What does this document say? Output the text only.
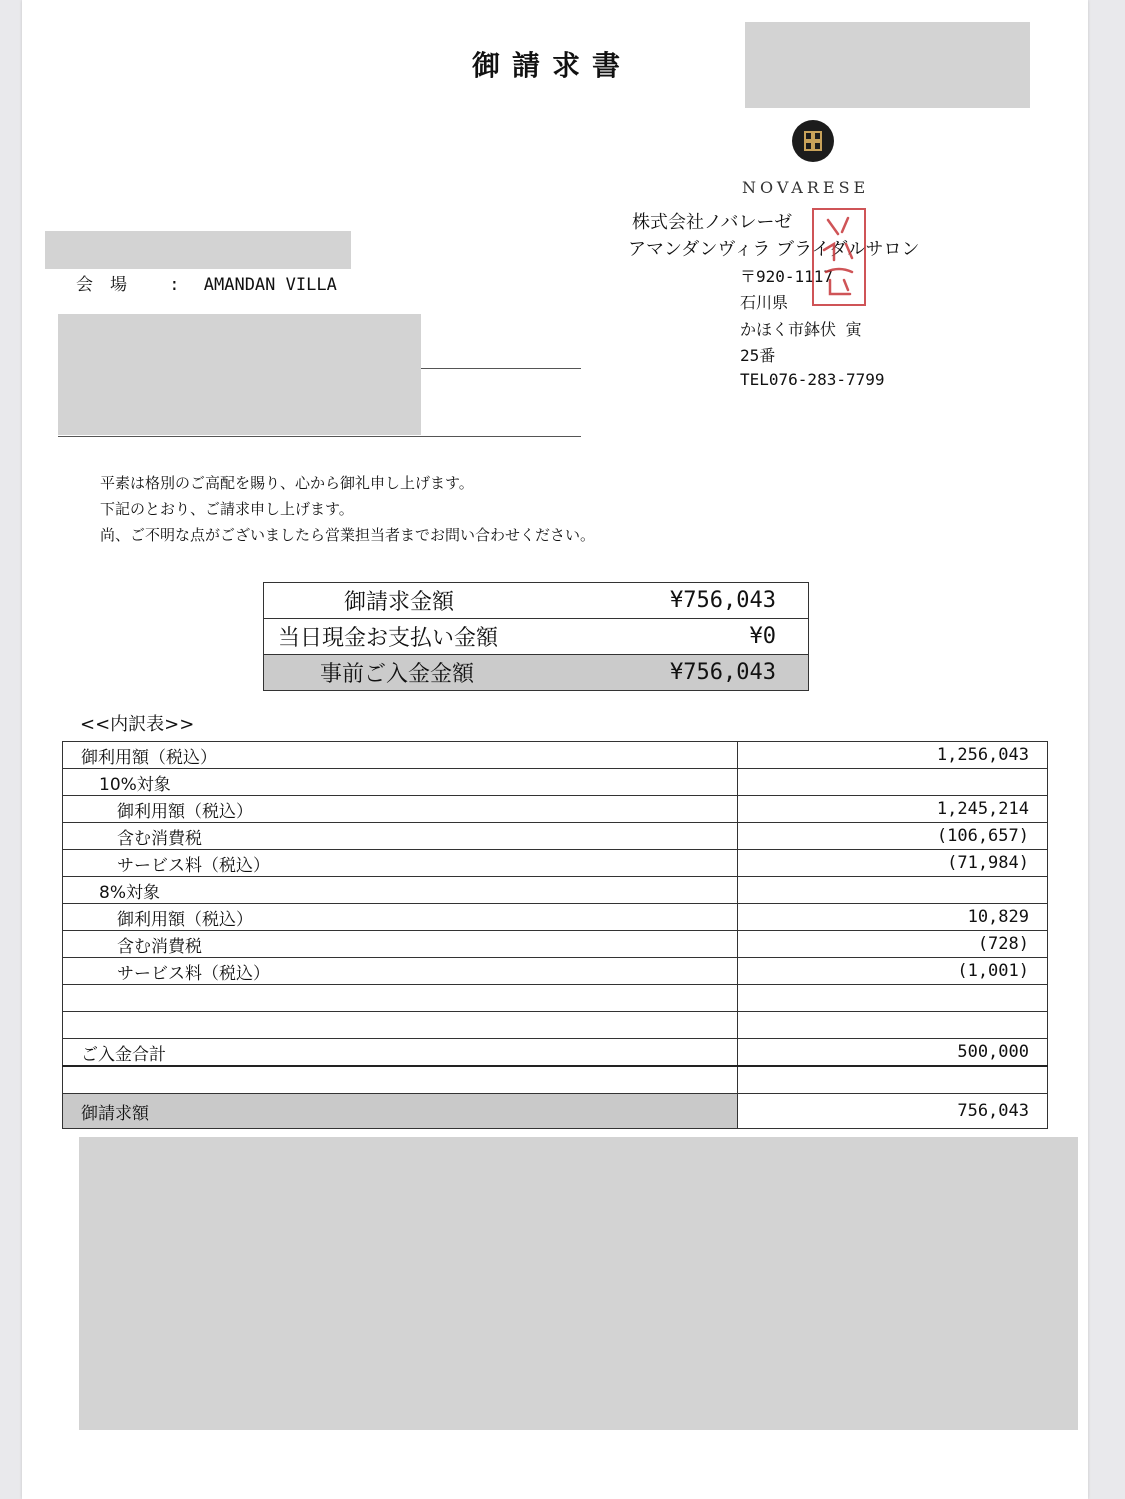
御請求書
NOVARESE
株式会社ノバレーゼ
アマンダンヴィラ ブライダルサロン
〒920-1117
石川県
かほく市鉢伏 寅
25番
TEL076-283-7799
会　場 : AMANDAN VILLA
平素は格別のご高配を賜り、心から御礼申し上げます。
下記のとおり、ご請求申し上げます。
尚、ご不明な点がございましたら営業担当者までお問い合わせください。
御請求金額	¥756,043
当日現金お支払い金額	¥0
事前ご入金金額	¥756,043
<<内訳表>>
御利用額（税込）	1,256,043
10%対象	
御利用額（税込）	1,245,214
含む消費税	(106,657)
サービス料（税込）	(71,984)
8%対象	
御利用額（税込）	10,829
含む消費税	(728)
サービス料（税込）	(1,001)

ご入金合計	500,000

御請求額	756,043
